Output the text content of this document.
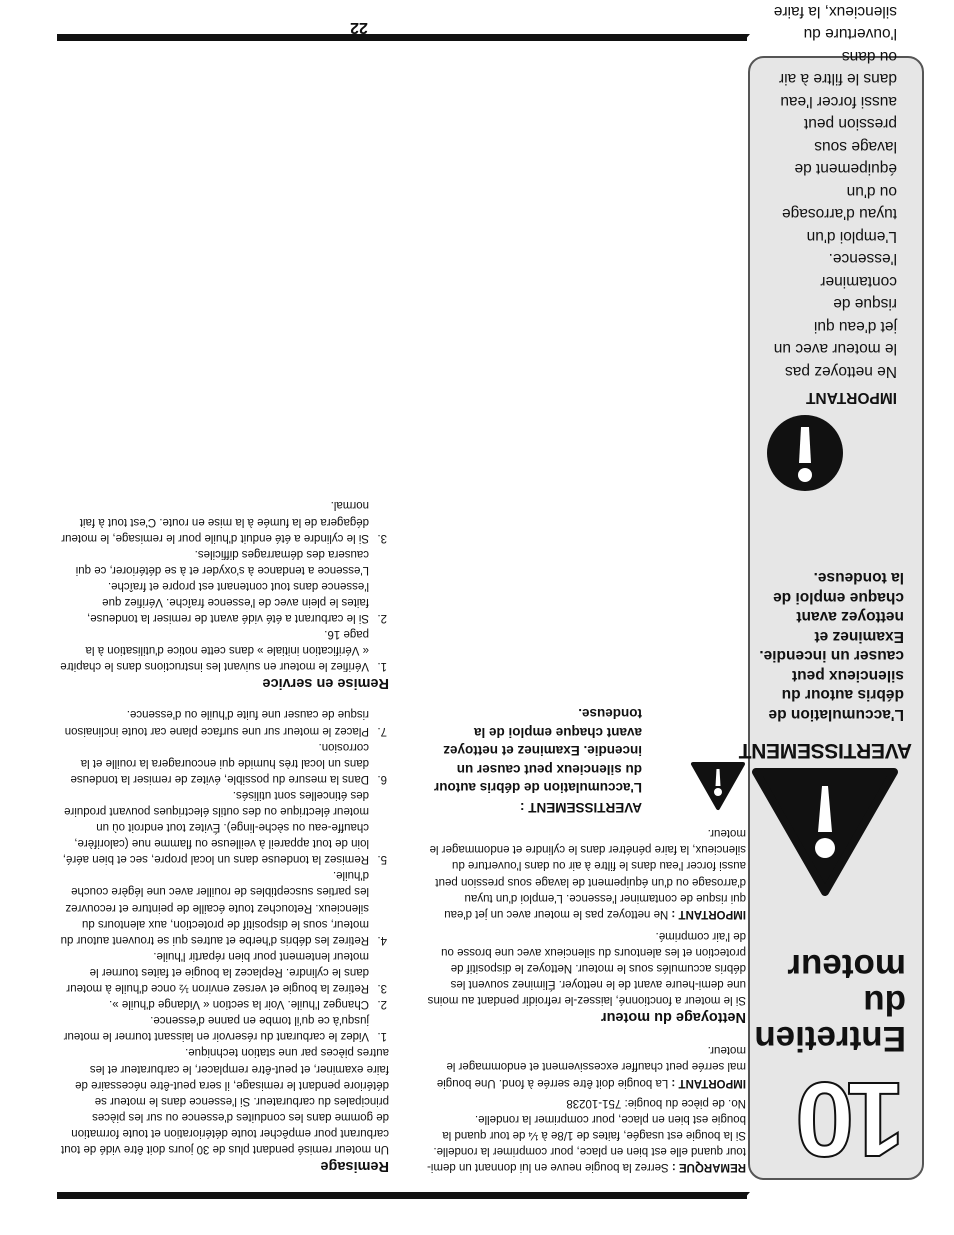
10
Entretien du moteur
AVERTISSEMENT
L'accumulation de débris autour du silencieux peut causer un incendie. Examinez et nettoyez avant chaque emploi de la tondeuse.
IMPORTANT
Ne nettoyez pas le moteur avec un jet d'eau qui risque de contaminer l'essence. L'emploi d'un tuyau d'arrosage ou d'un équipement de lavage sous pression peut aussi forcer l'eau dans le filtre à air ou dans l'ouverture du silencieux, la faire

REMARQUE : Serrez la bougie neuve en lui donnant un demi-tour quand elle est bien en place, pour comprimer la rondelle. Si la bougie est usagée, faites de 1/8e à ¼ de tour quand la bougie est bien en place, pour comprimer la rondelle.

No. de pièce du bougie: 751-10238

IMPORTANT : La bougie doit être serrée à fond. Une bougie mal serrée peut chauffer excessivement et endommager le moteur.

Nettoyage du moteur

Si le moteur a fonctionné, laissez-le refroidir pendant au moins une demi-heure avant de le nettoyer. Éliminez souvent les débris accumulés sous le moteur. Nettoyez le dispositif de protection et les alentours du silencieux avec une brosse ou de l'air comprimé.

IMPORTANT : Ne nettoyez pas le moteur avec un jet d'eau qui risque de contaminer l'essence. L'emploi d'un tuyau d'arrosage ou d'un équipement de lavage sous pression peut aussi forcer l'eau dans le filtre à air ou dans l'ouverture du silencieux, la faire pénétrer dans le cylindre et endommager le moteur.

AVERTISSEMENT :
L'accumulation de débris autour du silencieux peut causer un incendie. Examinez et nettoyez avant chaque emploi de la tondeuse.

Remisage

Un moteur remisé pendant plus de 30 jours doit être vidé de tout carburant pour empêcher toute détérioration et toute formation de gomme dans les conduites d'essence ou sur les pièces principales du carburateur. Si l'essence dans le moteur se détériore pendant le remisage, il sera peut-être nécessaire de faire examiner, et peut-être remplacer, le carburateur et les autres pièces par une station technique.

1.
Videz le carburant du réservoir en laissant tourner le moteur jusqu'à ce qu'il tombe en panne d'essence.

2.
Changez l'huile. Voir la section « Vidange d'huile ».

3.
Retirez la bougie et versez environ ½ once d'huile à moteur dans le cylindre. Replacez la bougie et faites tourner le moteur lentement pour bien répartir l'huile.

4.
Retirez les débris d'herbe et autres qui se trouvent autour du moteur, sous le dispositif de protection, aux alentours du silencieux. Retouchez toute écaille de peinture et recouvrez les parties susceptibles de rouiller avec une légère couche d'huile.

5.
Remisez la tondeuse dans un local propre, sec et bien aéré, loin de tout appareil à veilleuse ou flamme nue (calorifère, chauffe-eau ou sèche-linge). Évitez tout endroit où un moteur électrique ou des outils électriques pouvant produire des étincelles sont utilisés.

6.
Dans la mesure du possible, évitez de remiser la tondeuse dans un local très humide qui encouragera la rouille et la corrosion.

7.
Placez le moteur sur une surface plane car toute inclinaison risque de causer une fuite d'huile ou d'essence.

Remise en service

1.
Vérifiez le moteur en suivant les instructions dans le chapitre « Vérification initiale » dans cette notice d'utilisation à la page 16.

2.
Si le carburant a été vidé avant de remiser la tondeuse, faites le plein avec de l'essence fraîche. Vérifiez que l'essence dans tout contenant est propre et fraîche. L'essence a tendance à s'oxyder et à se détériorer, ce qui causera des démarrages difficiles.

3.
Si le cylindre a été enduit d'huile pour le remisage, le moteur dégagera de la fumée à la mise en route. C'est tout à fait normal.

22
